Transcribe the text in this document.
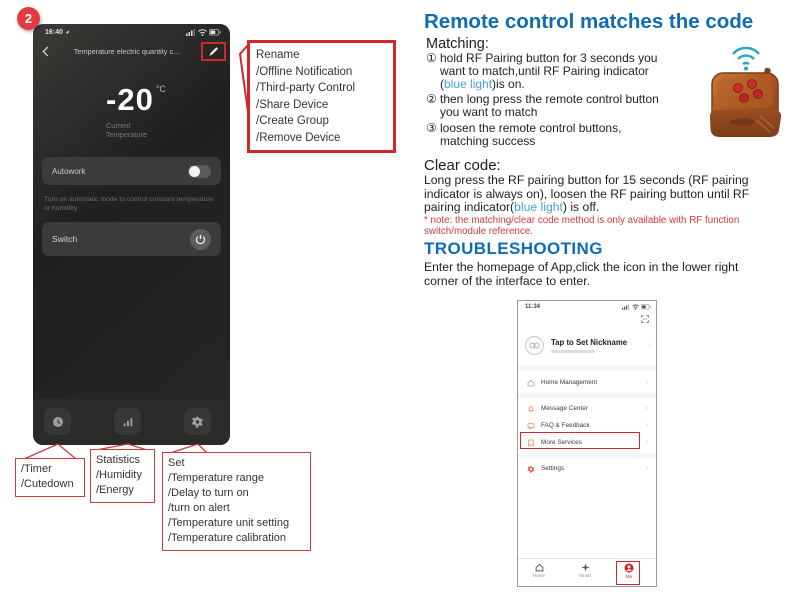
2
16:40
Temperature electric quantity c...
-20 $^{^\circ C}$
Current
Temperature
Autowork
Turn on automatic mode to control constant temperature or humidity
Switch
Rename
/Offline Notification
/Third-party Control
/Share Device
/Create Group
/Remove Device
/Timer
/Cutedown
Statistics
/Humidity
/Energy
Set
/Temperature range
/Delay to turn on
/turn on alert
/Temperature unit setting
/Temperature calibration
Remote control matches the code
Matching:
① hold RF Pairing button for 3 seconds you want to match,until RF Pairing indicator (blue light)is on.
② then long press the remote control button you want to match
③ loosen the remote control buttons, matching success
Clear code:
Long press the RF pairing button for 15 seconds (RF pairing indicator is always on), loosen the RF pairing button until RF pairing indicator(blue light) is off.
* note: the matching/clear code method is only available with RF function switch/module reference.
TROUBLESHOOTING
Enter the homepage of App,click the icon in the lower right corner of the interface to enter.
11:34
Tap to Set Nickname	›
Home Management	›
Message Center	›
FAQ & Feedback	›
More Services	›
Settings	›
Home	Smart	Me
